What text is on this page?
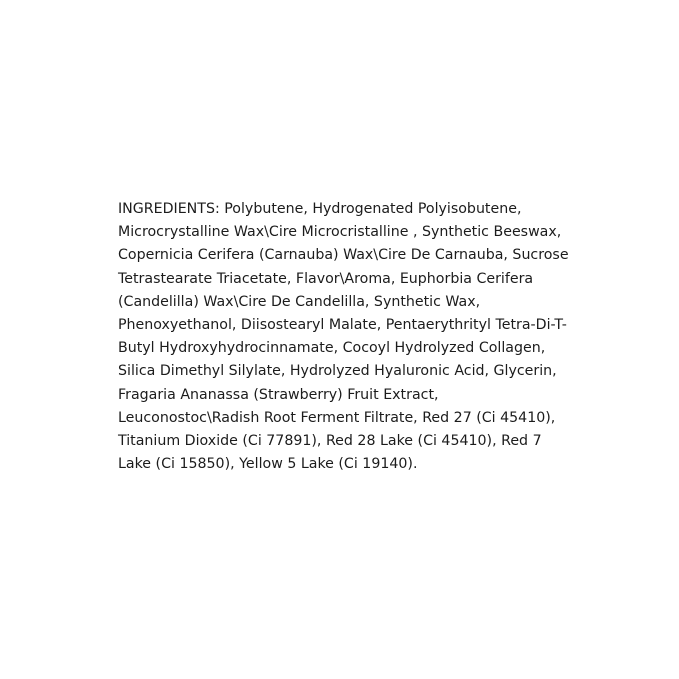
INGREDIENTS: Polybutene, Hydrogenated Polyisobutene, Microcrystalline Wax\Cire Microcristalline , Synthetic Beeswax, Copernicia Cerifera (Carnauba) Wax\Cire De Carnauba, Sucrose Tetrastearate Triacetate, Flavor\Aroma, Euphorbia Cerifera (Candelilla) Wax\Cire De Candelilla, Synthetic Wax, Phenoxyethanol, Diisostearyl Malate, Pentaerythrityl Tetra-Di-T-Butyl Hydroxyhydrocinnamate, Cocoyl Hydrolyzed Collagen, Silica Dimethyl Silylate, Hydrolyzed Hyaluronic Acid, Glycerin, Fragaria Ananassa (Strawberry) Fruit Extract, Leuconostoc\Radish Root Ferment Filtrate, Red 27 (Ci 45410), Titanium Dioxide (Ci 77891), Red 28 Lake (Ci 45410), Red 7 Lake (Ci 15850), Yellow 5 Lake (Ci 19140).
